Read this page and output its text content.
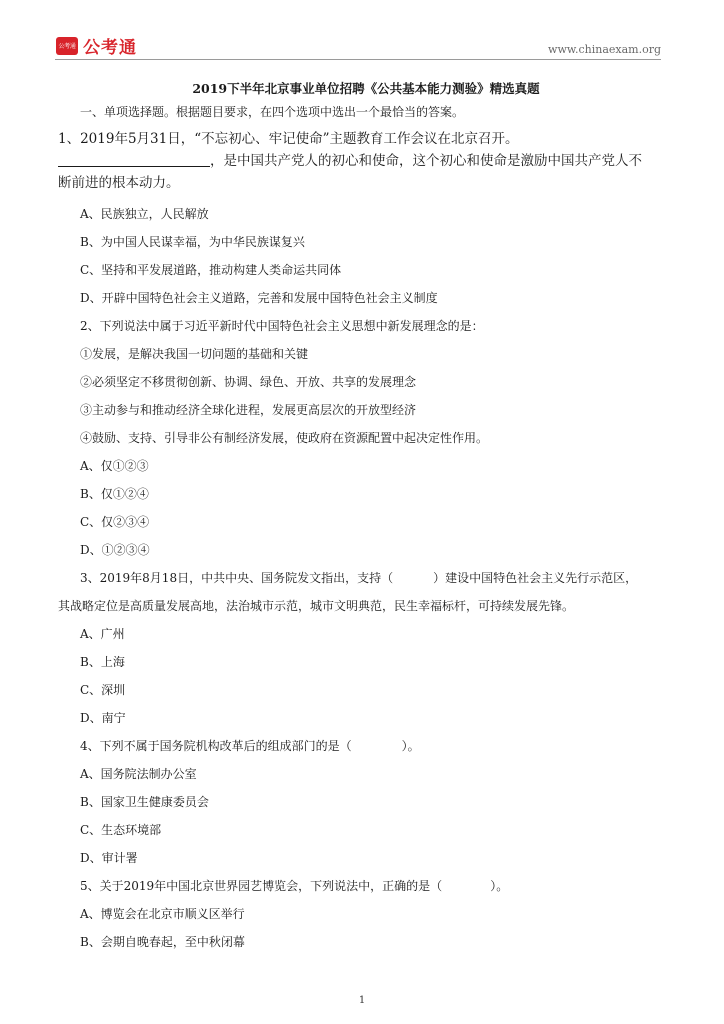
公考通 公考通	www.chinaexam.org
2019下半年北京事业单位招聘《公共基本能力测验》精选真题
一、单项选择题。根据题目要求，在四个选项中选出一个最恰当的答案。
1、2019年5月31日，“不忘初心、牢记使命”主题教育工作会议在北京召开。
，是中国共产党人的初心和使命，这个初心和使命是激励中国共产党人不
断前进的根本动力。
A、民族独立，人民解放
B、为中国人民谋幸福，为中华民族谋复兴
C、坚持和平发展道路，推动构建人类命运共同体
D、开辟中国特色社会主义道路，完善和发展中国特色社会主义制度
2、下列说法中属于习近平新时代中国特色社会主义思想中新发展理念的是：
①发展，是解决我国一切问题的基础和关键
②必须坚定不移贯彻创新、协调、绿色、开放、共享的发展理念
③主动参与和推动经济全球化进程，发展更高层次的开放型经济
④鼓励、支持、引导非公有制经济发展，使政府在资源配置中起决定性作用。
A、仅①②③
B、仅①②④
C、仅②③④
D、①②③④
3、2019年8月18日，中共中央、国务院发文指出，支持（	）建设中国特色社会主义先行示范区，
其战略定位是高质量发展高地，法治城市示范，城市文明典范，民生幸福标杆，可持续发展先锋。
A、广州
B、上海
C、深圳
D、南宁
4、下列不属于国务院机构改革后的组成部门的是（	）。
A、国务院法制办公室
B、国家卫生健康委员会
C、生态环境部
D、审计署
5、关于2019年中国北京世界园艺博览会，下列说法中，正确的是（	）。
A、博览会在北京市顺义区举行
B、会期自晚春起，至中秋闭幕
1
